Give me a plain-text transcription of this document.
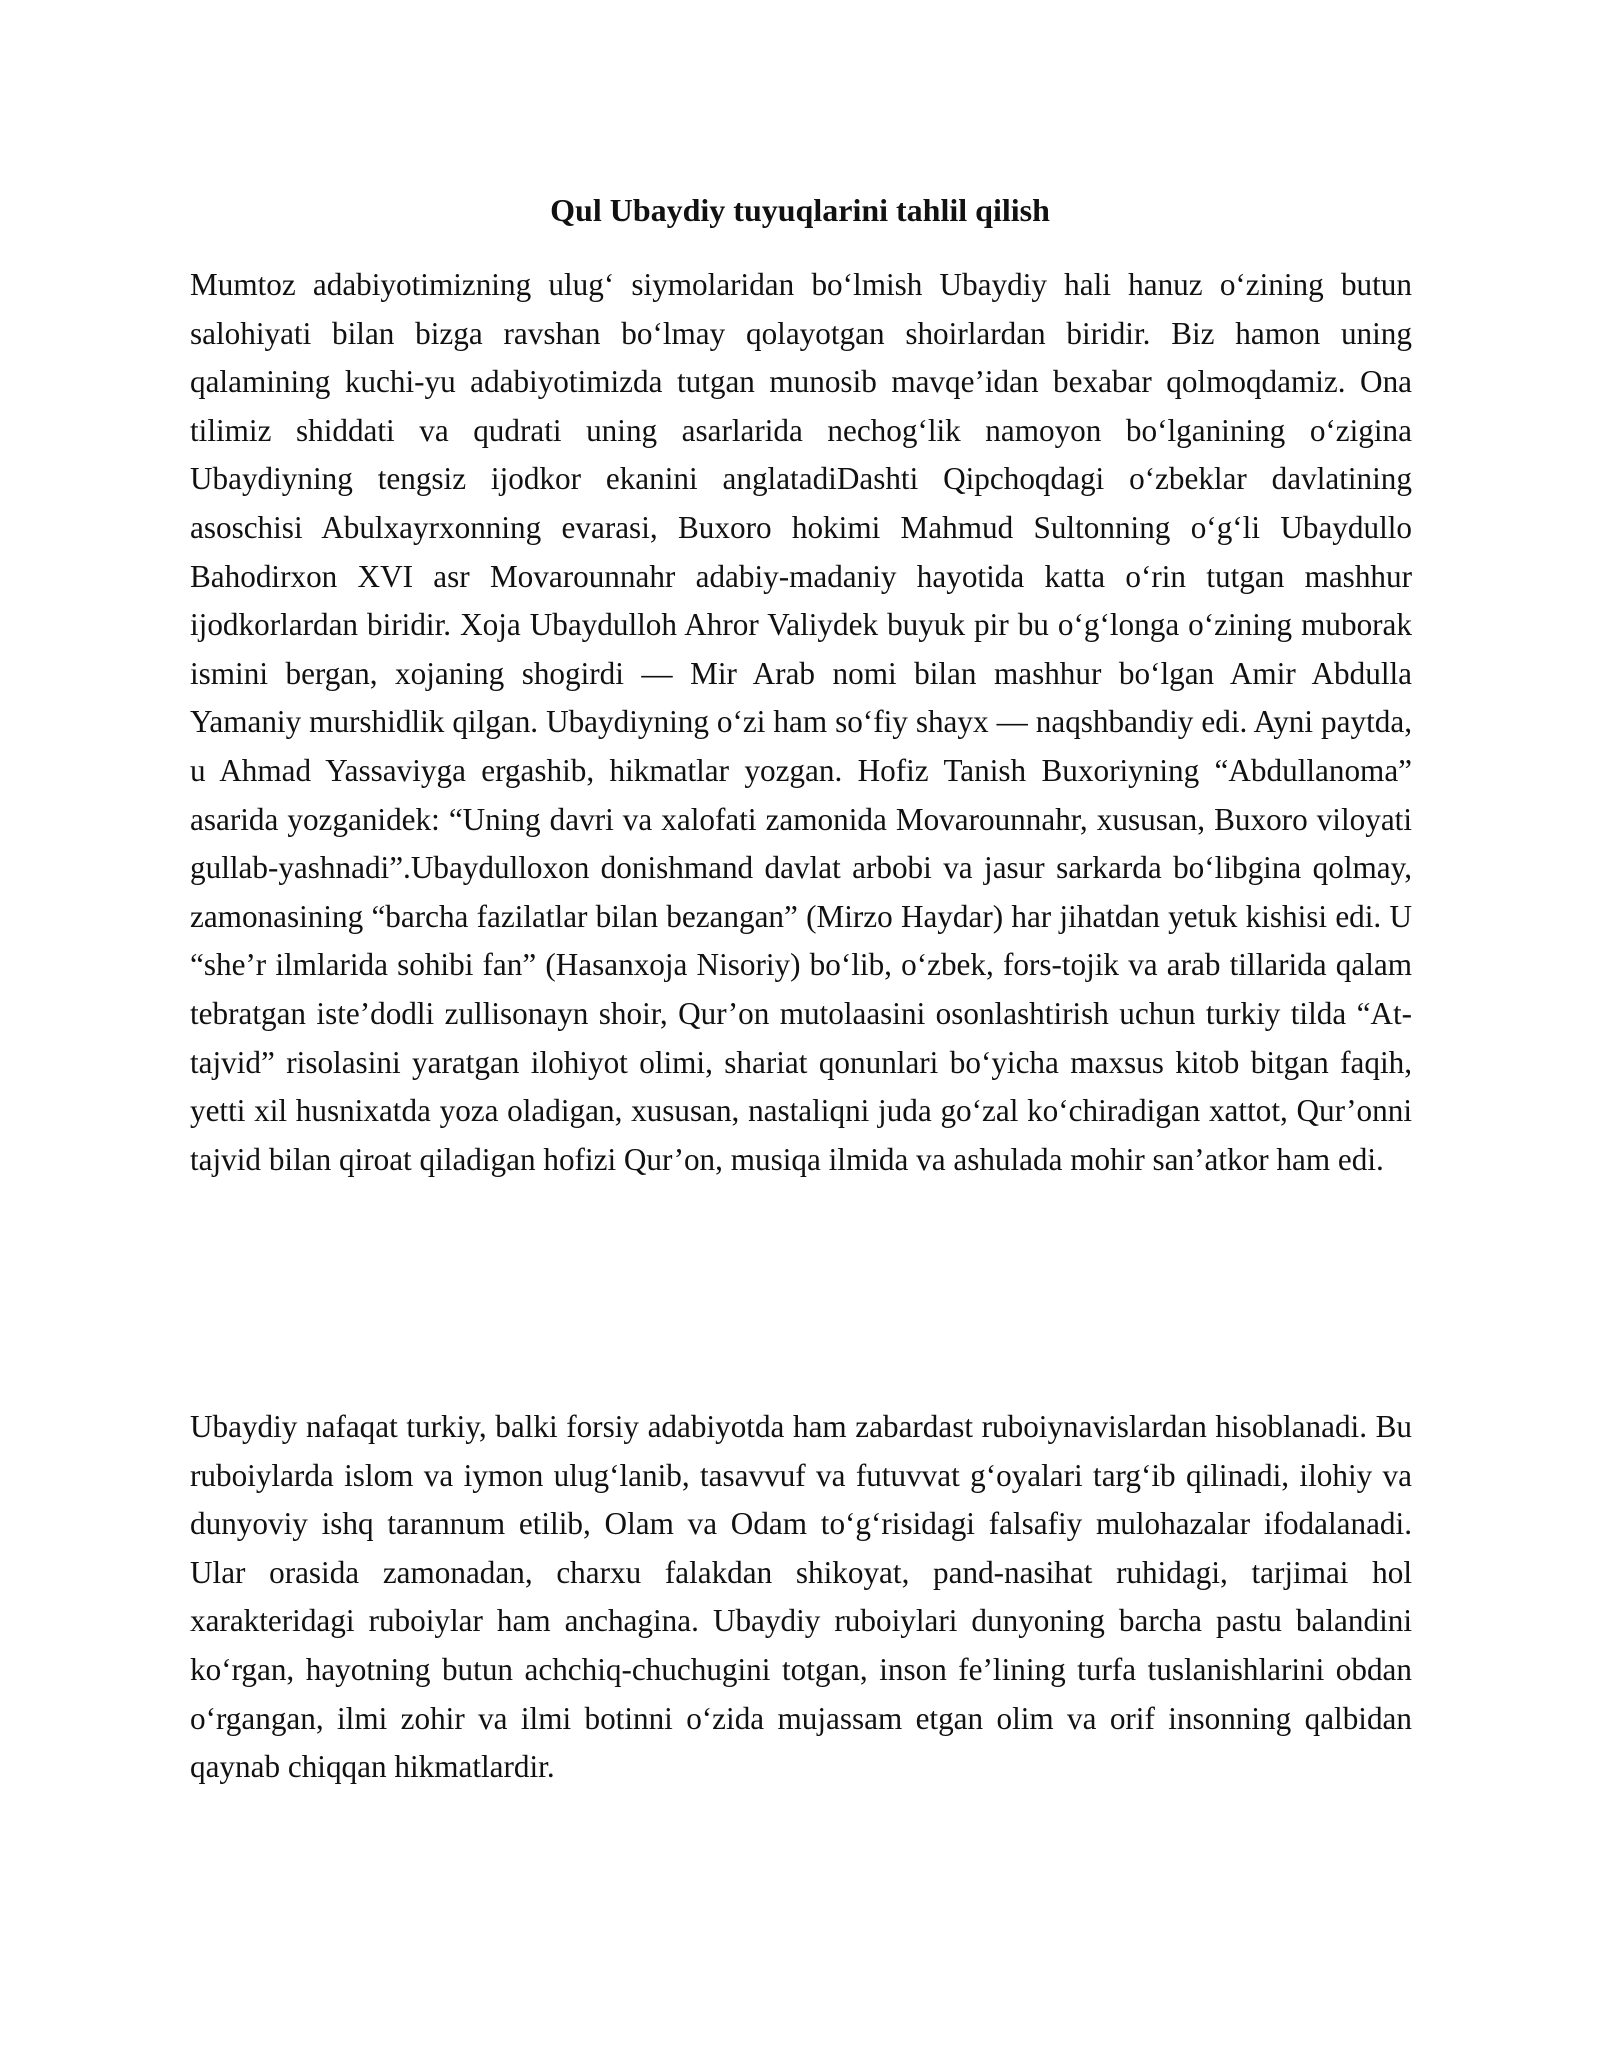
Qul Ubaydiy tuyuqlarini tahlil qilish

Mumtoz adabiyotimizning ulug‘ siymolaridan bo‘lmish Ubaydiy hali hanuz o‘zining butun salohiyati bilan bizga ravshan bo‘lmay qolayotgan shoirlardan biridir. Biz hamon uning qalamining kuchi-yu adabiyotimizda tutgan munosib mavqe’idan bexabar qolmoqdamiz. Ona tilimiz shiddati va qudrati uning asarlarida nechog‘lik namoyon bo‘lganining o‘zigina Ubaydiyning tengsiz ijodkor ekanini anglatadiDashti Qipchoqdagi o‘zbeklar davlatining asoschisi Abulxayrxonning evarasi, Buxoro hokimi Mahmud Sultonning o‘g‘li Ubaydullo Bahodirxon XVI asr Movarounnahr adabiy-madaniy hayotida katta o‘rin tutgan mashhur ijodkorlardan biridir. Xoja Ubaydulloh Ahror Valiydek buyuk pir bu o‘g‘longa o‘zining muborak ismini bergan, xojaning shogirdi — Mir Arab nomi bilan mashhur bo‘lgan Amir Abdulla Yamaniy murshidlik qilgan. Ubaydiyning o‘zi ham so‘fiy shayx — naqshbandiy edi. Ayni paytda, u Ahmad Yassaviyga ergashib, hikmatlar yozgan. Hofiz Tanish Buxoriyning “Abdullanoma” asarida yozganidek: “Uning davri va xalofati zamonida Movarounnahr, xususan, Buxoro viloyati gullab-yashnadi”.Ubaydulloxon donishmand davlat arbobi va jasur sarkarda bo‘libgina qolmay, zamonasining “barcha fazilatlar bilan bezangan” (Mirzo Haydar) har jihatdan yetuk kishisi edi. U “she’r ilmlarida sohibi fan” (Hasanxoja Nisoriy) bo‘lib, o‘zbek, fors-tojik va arab tillarida qalam tebratgan iste’dodli zullisonayn shoir, Qur’on mutolaasini osonlashtirish uchun turkiy tilda “At-tajvid” risolasini yaratgan ilohiyot olimi, shariat qonunlari bo‘yicha maxsus kitob bitgan faqih, yetti xil husnixatda yoza oladigan, xususan, nastaliqni juda go‘zal ko‘chiradigan xattot, Qur’onni tajvid bilan qiroat qiladigan hofizi Qur’on, musiqa ilmida va ashulada mohir san’atkor ham edi.

Ubaydiy nafaqat turkiy, balki forsiy adabiyotda ham zabardast ruboiynavislardan hisoblanadi. Bu ruboiylarda islom va iymon ulug‘lanib, tasavvuf va futuvvat g‘oyalari targ‘ib qilinadi, ilohiy va dunyoviy ishq tarannum etilib, Olam va Odam to‘g‘risidagi falsafiy mulohazalar ifodalanadi. Ular orasida zamonadan, charxu falakdan shikoyat, pand-nasihat ruhidagi, tarjimai hol xarakteridagi ruboiylar ham anchagina. Ubaydiy ruboiylari dunyoning barcha pastu balandini ko‘rgan, hayotning butun achchiq-chuchugini totgan, inson fe’lining turfa tuslanishlarini obdan o‘rgangan, ilmi zohir va ilmi botinni o‘zida mujassam etgan olim va orif insonning qalbidan qaynab chiqqan hikmatlardir.
